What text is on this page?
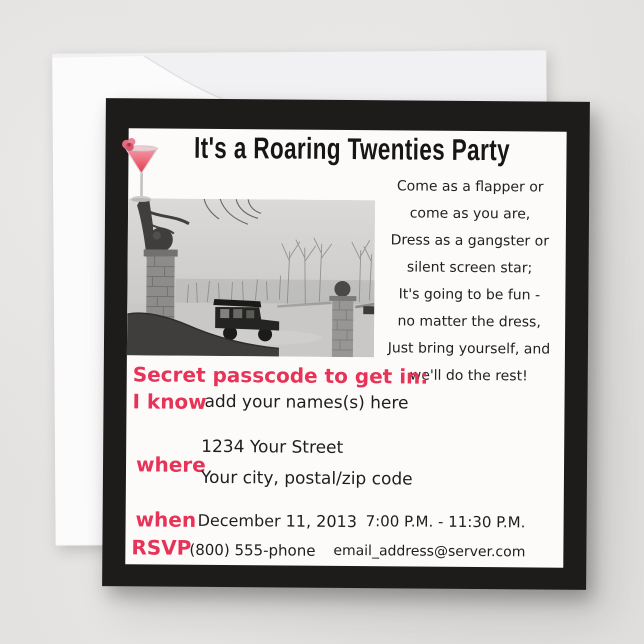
It's a Roaring Twenties Party
Come as a flapper or
come as you are,
Dress as a gangster or
silent screen star;
It's going to be fun -
no matter the dress,
Just bring yourself, and
we'll do the rest!
Secret passcode to get in:
I know
add your names(s) here
where
1234 Your Street
Your city, postal/zip code
when December 11, 2013 7:00 P.M. - 11:30 P.M.
RSVP
(800) 555-phone email_address@server.com
